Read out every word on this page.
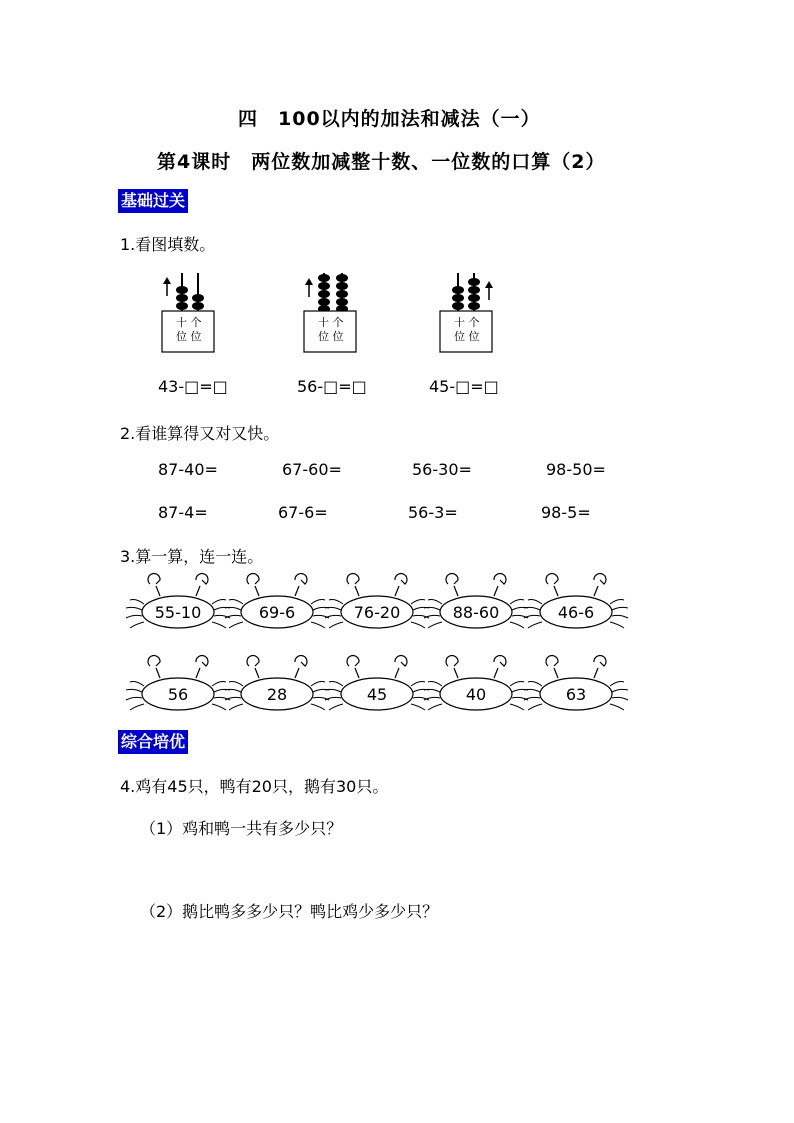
四　100以内的加法和减法（一）
第4课时　两位数加减整十数、一位数的口算（2）
基础过关
1.看图填数。
十 个
位 位
十 个
位 位
十 个
位 位
43-□=□	56-□=□	45-□=□
2.看谁算得又对又快。
87-40=	67-60=	56-30=	98-50=
87-4=	67-6=	56-3=	98-5=
3.算一算，连一连。
55-10	69-6	76-20	88-60	46-6
56	28	45	40	63
综合培优
4.鸡有45只，鸭有20只，鹅有30只。
（1）鸡和鸭一共有多少只？
（2）鹅比鸭多多少只？鸭比鸡少多少只？
